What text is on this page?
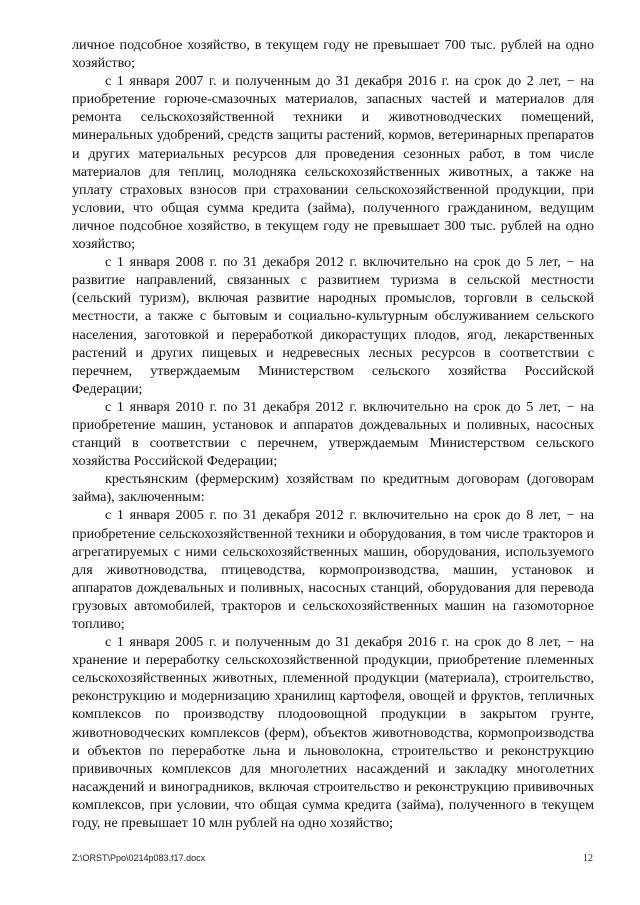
личное подсобное хозяйство, в текущем году не превышает 700 тыс. рублей на одно хозяйство;

с 1 января 2007 г. и полученным до 31 декабря 2016 г. на срок до 2 лет, − на приобретение горюче-смазочных материалов, запасных частей и материалов для ремонта сельскохозяйственной техники и животноводческих помещений, минеральных удобрений, средств защиты растений, кормов, ветеринарных препаратов и других материальных ресурсов для проведения сезонных работ, в том числе материалов для теплиц, молодняка сельскохозяйственных животных, а также на уплату страховых взносов при страховании сельскохозяйственной продукции, при условии, что общая сумма кредита (займа), полученного гражданином, ведущим личное подсобное хозяйство, в текущем году не превышает 300 тыс. рублей на одно хозяйство;

с 1 января 2008 г. по 31 декабря 2012 г. включительно на срок до 5 лет, − на развитие направлений, связанных с развитием туризма в сельской местности (сельский туризм), включая развитие народных промыслов, торговли в сельской местности, а также с бытовым и социально-культурным обслуживанием сельского населения, заготовкой и переработкой дикорастущих плодов, ягод, лекарственных растений и других пищевых и недревесных лесных ресурсов в соответствии с перечнем, утверждаемым Министерством сельского хозяйства Российской Федерации;

с 1 января 2010 г. по 31 декабря 2012 г. включительно на срок до 5 лет, − на приобретение машин, установок и аппаратов дождевальных и поливных, насосных станций в соответствии с перечнем, утверждаемым Министерством сельского хозяйства Российской Федерации;

крестьянским (фермерским) хозяйствам по кредитным договорам (договорам займа), заключенным:

с 1 января 2005 г. по 31 декабря 2012 г. включительно на срок до 8 лет, − на приобретение сельскохозяйственной техники и оборудования, в том числе тракторов и агрегатируемых с ними сельскохозяйственных машин, оборудования, используемого для животноводства, птицеводства, кормопроизводства, машин, установок и аппаратов дождевальных и поливных, насосных станций, оборудования для перевода грузовых автомобилей, тракторов и сельскохозяйственных машин на газомоторное топливо;

с 1 января 2005 г. и полученным до 31 декабря 2016 г. на срок до 8 лет, − на хранение и переработку сельскохозяйственной продукции, приобретение племенных сельскохозяйственных животных, племенной продукции (материала), строительство, реконструкцию и модернизацию хранилищ картофеля, овощей и фруктов, тепличных комплексов по производству плодоовощной продукции в закрытом грунте, животноводческих комплексов (ферм), объектов животноводства, кормопроизводства и объектов по переработке льна и льноволокна, строительство и реконструкцию прививочных комплексов для многолетних насаждений и закладку многолетних насаждений и виноградников, включая строительство и реконструкцию прививочных комплексов, при условии, что общая сумма кредита (займа), полученного в текущем году, не превышает 10 млн рублей на одно хозяйство;

Z:\ORST\Ppo\0214p083.f17.docx	12
